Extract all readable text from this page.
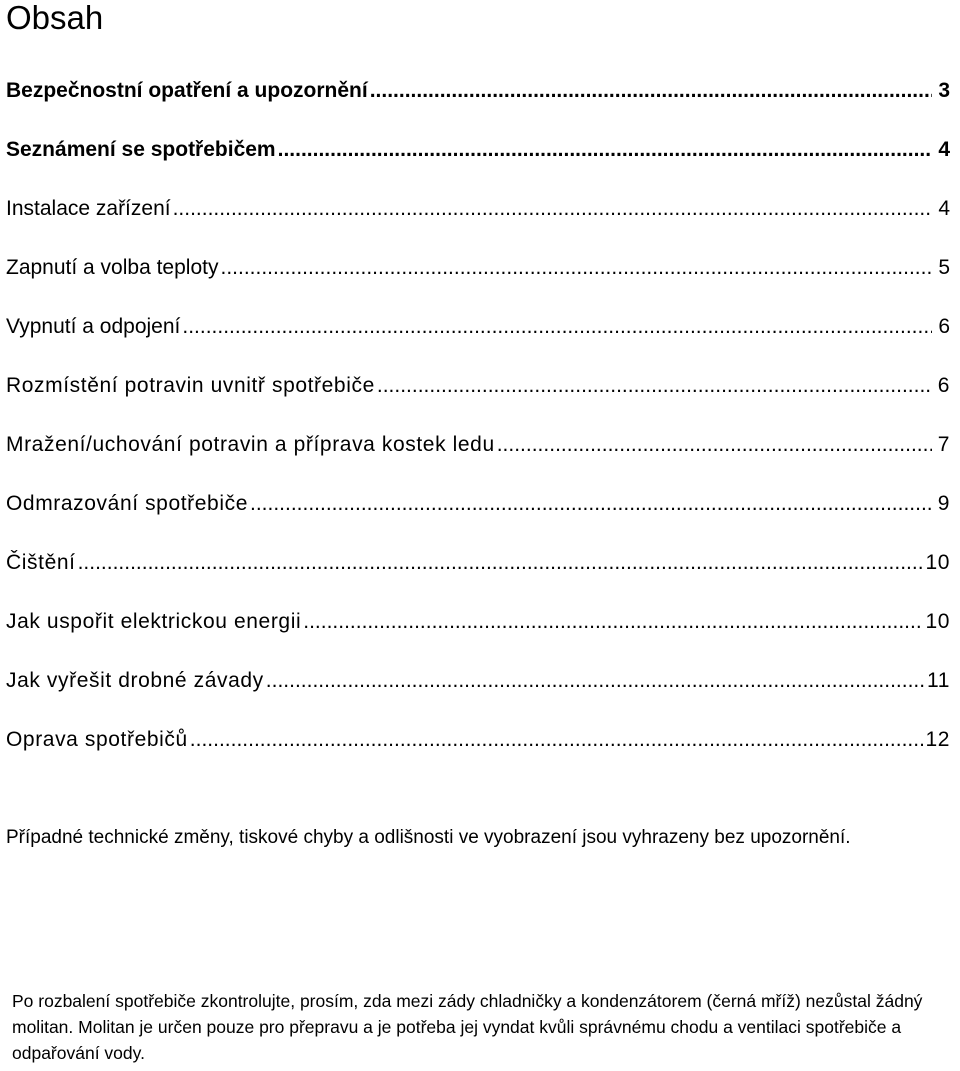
Obsah
Bezpečnostní opatření a upozornění .....	3
Seznámení se spotřebičem .....	4
Instalace zařízení .....	4
Zapnutí a volba teploty .....	5
Vypnutí a odpojení .....	6
Rozmístění potravin uvnitř spotřebiče .....	6
Mražení/uchování potravin a příprava kostek ledu .....	7
Odmrazování spotřebiče .....	9
Čištění .....	10
Jak uspořit elektrickou energii .....	10
Jak vyřešit drobné závady .....	11
Oprava spotřebičů .....	12

Případné technické změny, tiskové chyby a odlišnosti ve vyobrazení jsou vyhrazeny bez upozornění.

Po rozbalení spotřebiče zkontrolujte, prosím, zda mezi zády chladničky a kondenzátorem (černá mříž) nezůstal žádný molitan. Molitan je určen pouze pro přepravu a je potřeba jej vyndat kvůli správnému chodu a ventilaci spotřebiče a odpařování vody.
